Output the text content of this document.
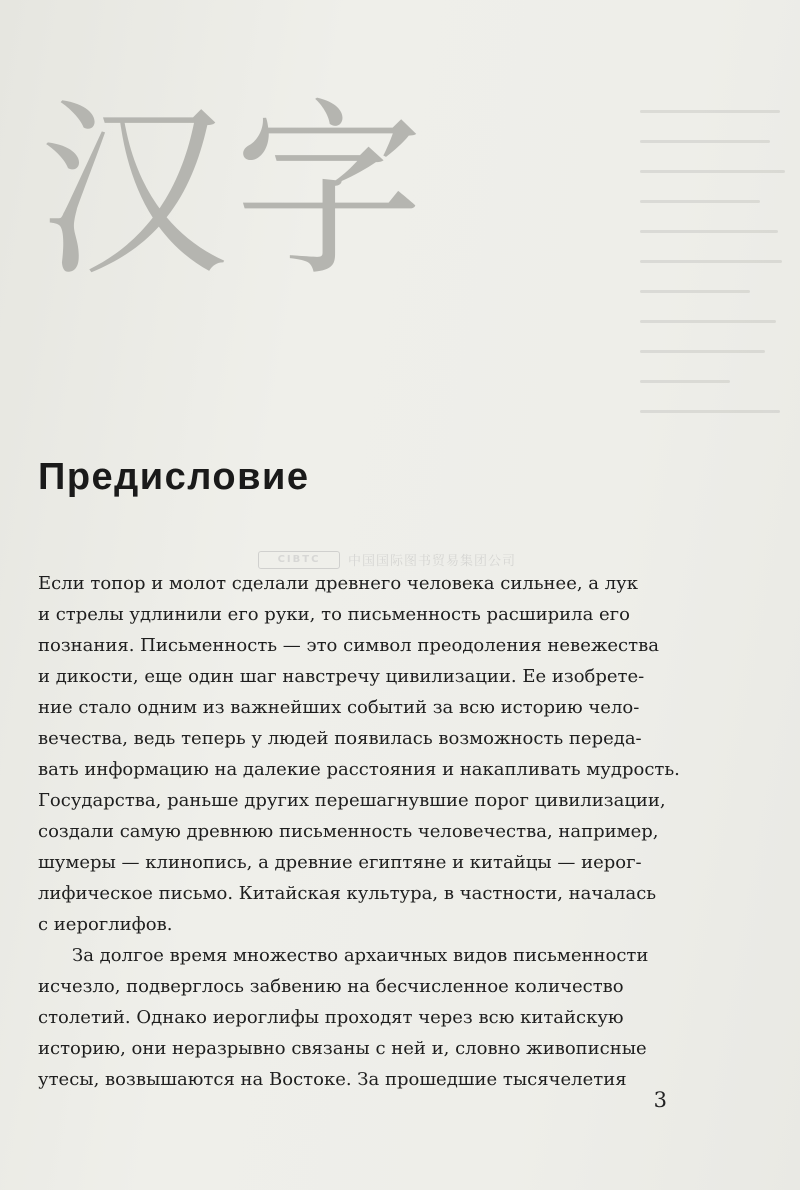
汉字
Предисловие
CIBTC	中国国际图书贸易集团公司
Если топор и молот сделали древнего человека сильнее, а лук
и стрелы удлинили его руки, то письменность расширила его
познания. Письменность — это символ преодоления невежества
и дикости, еще один шаг навстречу цивилизации. Ее изобрете-
ние стало одним из важнейших событий за всю историю чело-
вечества, ведь теперь у людей появилась возможность переда-
вать информацию на далекие расстояния и накапливать мудрость.
Государства, раньше других перешагнувшие порог цивилизации,
создали самую древнюю письменность человечества, например,
шумеры — клинопись, а древние египтяне и китайцы — иерог-
лифическое письмо. Китайская культура, в частности, началась
с иероглифов.
За долгое время множество архаичных видов письменности
исчезло, подверглось забвению на бесчисленное количество
столетий. Однако иероглифы проходят через всю китайскую
историю, они неразрывно связаны с ней и, словно живописные
утесы, возвышаются на Востоке. За прошедшие тысячелетия
3
